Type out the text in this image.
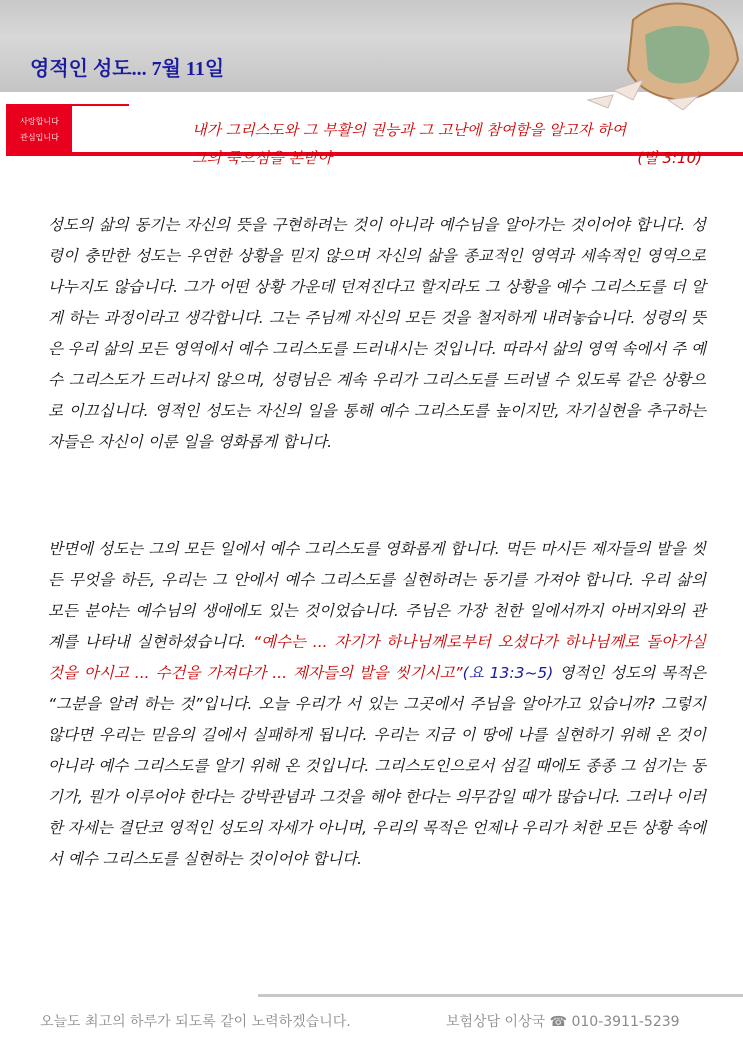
영적인 성도... 7월 11일
사랑합니다
관심입니다	내가 그리스도와 그 부활의 권능과 그 고난에 참여함을 알고자 하여
그의 죽으심을 본받아	(빌 3:10)
성도의 삶의 동기는 자신의 뜻을 구현하려는 것이 아니라 예수님을 알아가는 것이어야 합니다. 성령이 충만한 성도는 우연한 상황을 믿지 않으며 자신의 삶을 종교적인 영역과 세속적인 영역으로 나누지도 않습니다. 그가 어떤 상황 가운데 던져진다고 할지라도 그 상황을 예수 그리스도를 더 알게 하는 과정이라고 생각합니다. 그는 주님께 자신의 모든 것을 철저하게 내려놓습니다. 성령의 뜻은 우리 삶의 모든 영역에서 예수 그리스도를 드러내시는 것입니다. 따라서 삶의 영역 속에서 주 예수 그리스도가 드러나지 않으며, 성령님은 계속 우리가 그리스도를 드러낼 수 있도록 같은 상황으로 이끄십니다. 영적인 성도는 자신의 일을 통해 예수 그리스도를 높이지만, 자기실현을 추구하는 자들은 자신이 이룬 일을 영화롭게 합니다.
반면에 성도는 그의 모든 일에서 예수 그리스도를 영화롭게 합니다. 먹든 마시든 제자들의 발을 씻든 무엇을 하든, 우리는 그 안에서 예수 그리스도를 실현하려는 동기를 가져야 합니다. 우리 삶의 모든 분야는 예수님의 생애에도 있는 것이었습니다. 주님은 가장 천한 일에서까지 아버지와의 관계를 나타내 실현하셨습니다. “예수는 ... 자기가 하나님께로부터 오셨다가 하나님께로 돌아가실 것을 아시고 ... 수건을 가져다가 ... 제자들의 발을 씻기시고”(요 13:3~5) 영적인 성도의 목적은 “그분을 알려 하는 것”입니다. 오늘 우리가 서 있는 그곳에서 주님을 알아가고 있습니까? 그렇지 않다면 우리는 믿음의 길에서 실패하게 됩니다. 우리는 지금 이 땅에 나를 실현하기 위해 온 것이 아니라 예수 그리스도를 알기 위해 온 것입니다. 그리스도인으로서 섬길 때에도 종종 그 섬기는 동기가, 뭔가 이루어야 한다는 강박관념과 그것을 해야 한다는 의무감일 때가 많습니다. 그러나 이러한 자세는 결단코 영적인 성도의 자세가 아니며, 우리의 목적은 언제나 우리가 처한 모든 상황 속에서 예수 그리스도를 실현하는 것이어야 합니다.
오늘도 최고의 하루가 되도록 같이 노력하겠습니다.	보험상담 이상국 ☎ 010-3911-5239
